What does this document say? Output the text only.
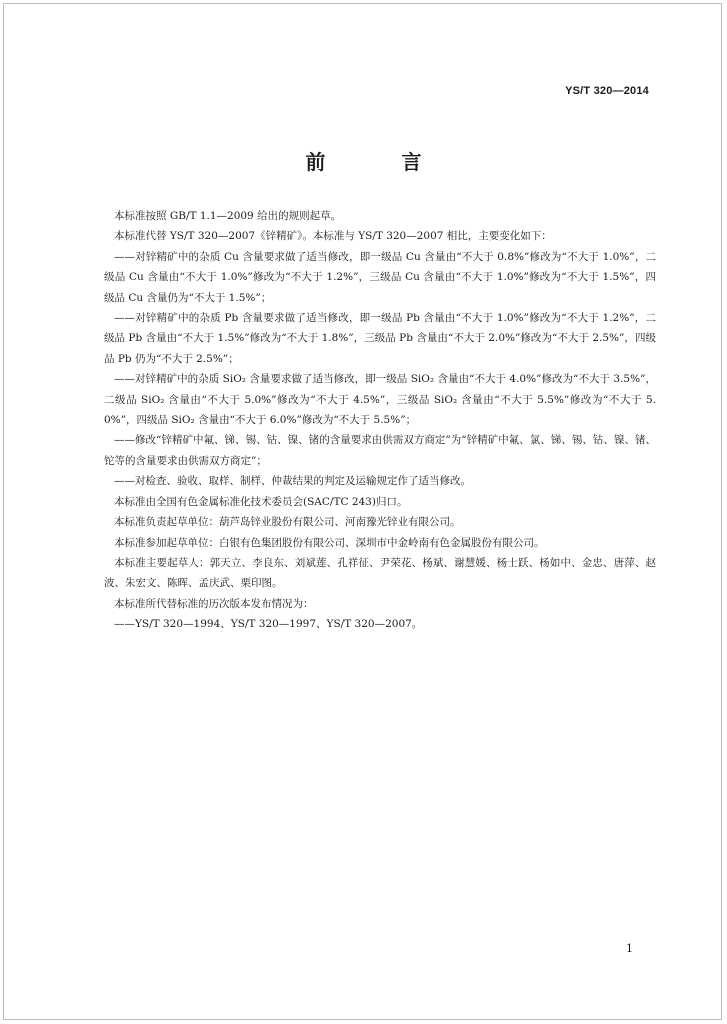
YS/T 320—2014
前　言

本标准按照 GB/T 1.1—2009 给出的规则起草。

本标准代替 YS/T 320—2007《锌精矿》。本标准与 YS/T 320—2007 相比，主要变化如下：

——对锌精矿中的杂质 Cu 含量要求做了适当修改，即一级品 Cu 含量由“不大于 0.8%”修改为“不大于 1.0%”，二级品 Cu 含量由“不大于 1.0%”修改为“不大于 1.2%”，三级品 Cu 含量由“不大于 1.0%”修改为“不大于 1.5%”，四级品 Cu 含量仍为“不大于 1.5%”；

——对锌精矿中的杂质 Pb 含量要求做了适当修改，即一级品 Pb 含量由“不大于 1.0%”修改为“不大于 1.2%”，二级品 Pb 含量由“不大于 1.5%”修改为“不大于 1.8%”，三级品 Pb 含量由“不大于 2.0%”修改为“不大于 2.5%”，四级品 Pb 仍为“不大于 2.5%”；

——对锌精矿中的杂质 SiO₂ 含量要求做了适当修改，即一级品 SiO₂ 含量由“不大于 4.0%”修改为“不大于 3.5%”，二级品 SiO₂ 含量由“不大于 5.0%”修改为“不大于 4.5%”，三级品 SiO₂ 含量由“不大于 5.5%”修改为“不大于 5.0%”，四级品 SiO₂ 含量由“不大于 6.0%”修改为“不大于 5.5%”；

——修改“锌精矿中氟、锑、锡、钴、镍、锗的含量要求由供需双方商定”为“锌精矿中氟、氯、锑、锡、钴、镍、锗、铊等的含量要求由供需双方商定”；

——对检查、验收、取样、制样、仲裁结果的判定及运输规定作了适当修改。

本标准由全国有色金属标准化技术委员会(SAC/TC 243)归口。

本标准负责起草单位：葫芦岛锌业股份有限公司、河南豫光锌业有限公司。

本标准参加起草单位：白银有色集团股份有限公司、深圳市中金岭南有色金属股份有限公司。

本标准主要起草人：郭天立、李良东、刘斌莲、孔祥征、尹荣花、杨斌、谢慧媛、杨士跃、杨如中、金忠、唐萍、赵波、朱宏文、陈晖、孟庆武、栗印图。

本标准所代替标准的历次版本发布情况为：

——YS/T 320—1994、YS/T 320—1997、YS/T 320—2007。

1
